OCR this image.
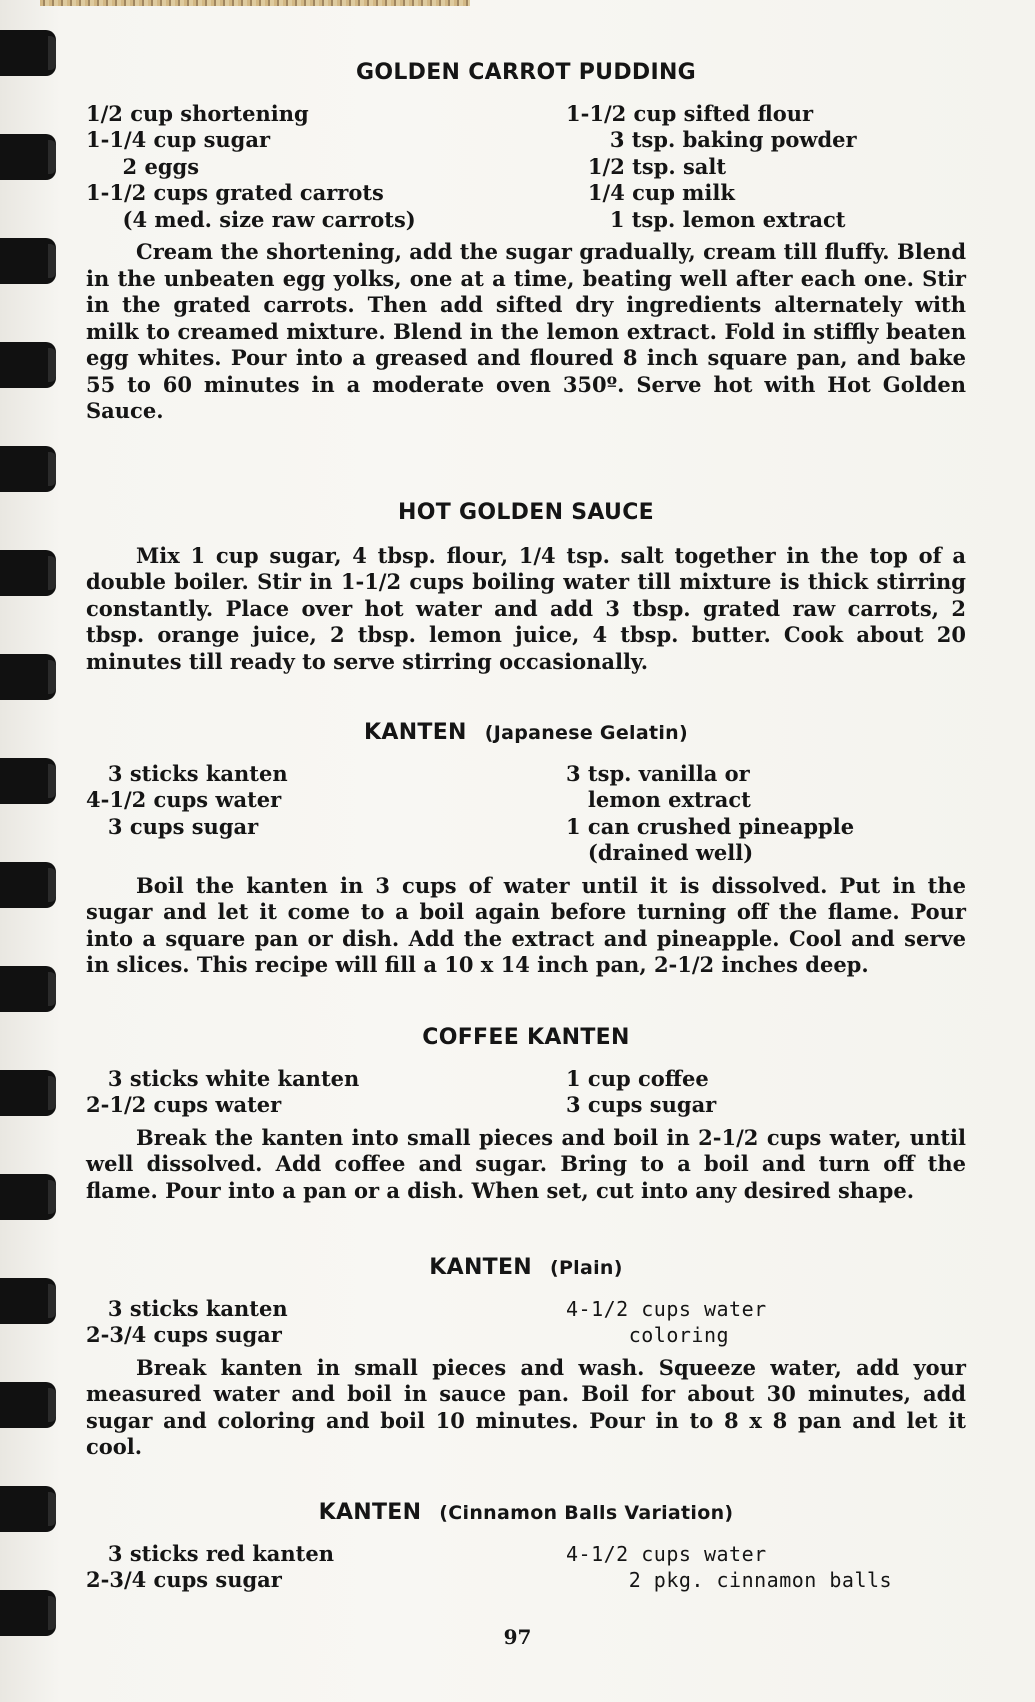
GOLDEN CARROT PUDDING
1/2 cup shortening
1-1/4 cup sugar
2 eggs
1-1/2 cups grated carrots
(4 med. size raw carrots)
1-1/2 cup sifted flour
3 tsp. baking powder
1/2 tsp. salt
1/4 cup milk
1 tsp. lemon extract

Cream the shortening, add the sugar gradually, cream till fluffy. Blend in the unbeaten egg yolks, one at a time, beating well after each one. Stir in the grated carrots. Then add sifted dry ingredients alternately with milk to creamed mixture. Blend in the lemon extract. Fold in stiffly beaten egg whites. Pour into a greased and floured 8 inch square pan, and bake 55 to 60 minutes in a moderate oven 350º. Serve hot with Hot Golden Sauce.

HOT GOLDEN SAUCE

Mix 1 cup sugar, 4 tbsp. flour, 1/4 tsp. salt together in the top of a double boiler. Stir in 1-1/2 cups boiling water till mixture is thick stirring constantly. Place over hot water and add 3 tbsp. grated raw carrots, 2 tbsp. orange juice, 2 tbsp. lemon juice, 4 tbsp. butter. Cook about 20 minutes till ready to serve stirring occasionally.

KANTEN (Japanese Gelatin)
3 sticks kanten
4-1/2 cups water
3 cups sugar
3 tsp. vanilla or
lemon extract
1 can crushed pineapple
(drained well)

Boil the kanten in 3 cups of water until it is dissolved. Put in the sugar and let it come to a boil again before turning off the flame. Pour into a square pan or dish. Add the extract and pineapple. Cool and serve in slices. This recipe will fill a 10 x 14 inch pan, 2-1/2 inches deep.

COFFEE KANTEN
3 sticks white kanten
2-1/2 cups water
1 cup coffee
3 cups sugar

Break the kanten into small pieces and boil in 2-1/2 cups water, until well dissolved. Add coffee and sugar. Bring to a boil and turn off the flame. Pour into a pan or a dish. When set, cut into any desired shape.

KANTEN (Plain)
3 sticks kanten
2-3/4 cups sugar
4-1/2 cups water
coloring

Break kanten in small pieces and wash. Squeeze water, add your measured water and boil in sauce pan. Boil for about 30 minutes, add sugar and coloring and boil 10 minutes. Pour in to 8 x 8 pan and let it cool.

KANTEN (Cinnamon Balls Variation)
3 sticks red kanten
2-3/4 cups sugar
4-1/2 cups water
2 pkg. cinnamon balls
97
